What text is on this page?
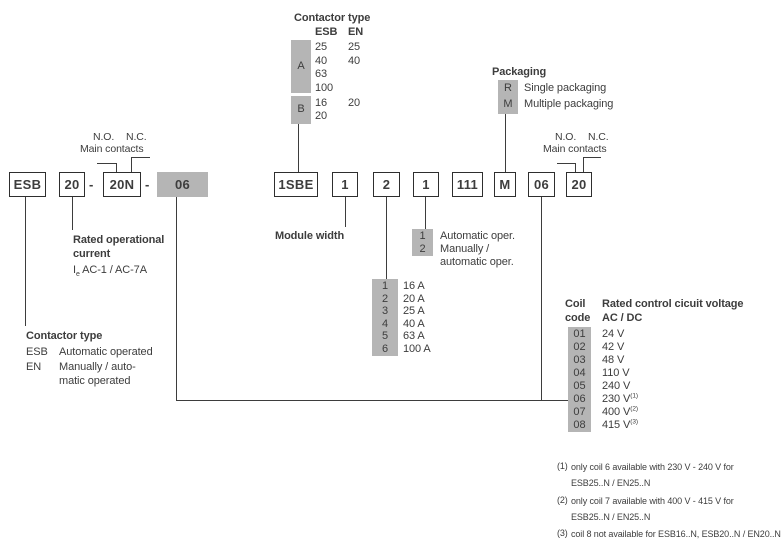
Contactor type
ESB EN
A
25 25
40 40
63
100
B 16 20
20
Packaging
R	Single packaging
M	Multiple packaging
N.O. N.C.
Main contacts
N.O. N.C.
Main contacts
ESB	20 -	20N -	06	1SBE	1	2	1	111	M	06	20
Module width	1	Automatic oper.
2	Manually /
automatic oper.
1	16 A
2	20 A
3	25 A
4	40 A
5	63 A
6	100 A
Rated operational
current
$I_e$ AC-1 / AC-7A
Contactor type
ESB Automatic operated
EN Manually / auto-
matic operated
Coil
code
Rated control cicuit voltage
AC / DC
01	24 V
02	42 V
03	48 V
04	110 V
05	240 V
06	230 $V^{(1)}$
07	400 $V^{(2)}$
08	415 $V^{(3)}$
(1) only coil 6 available with 230 V - 240 V for
ESB25..N / EN25..N
(2) only coil 7 available with 400 V - 415 V for
ESB25..N / EN25..N
(3) coil 8 not available for ESB16..N, ESB20..N / EN20..N
